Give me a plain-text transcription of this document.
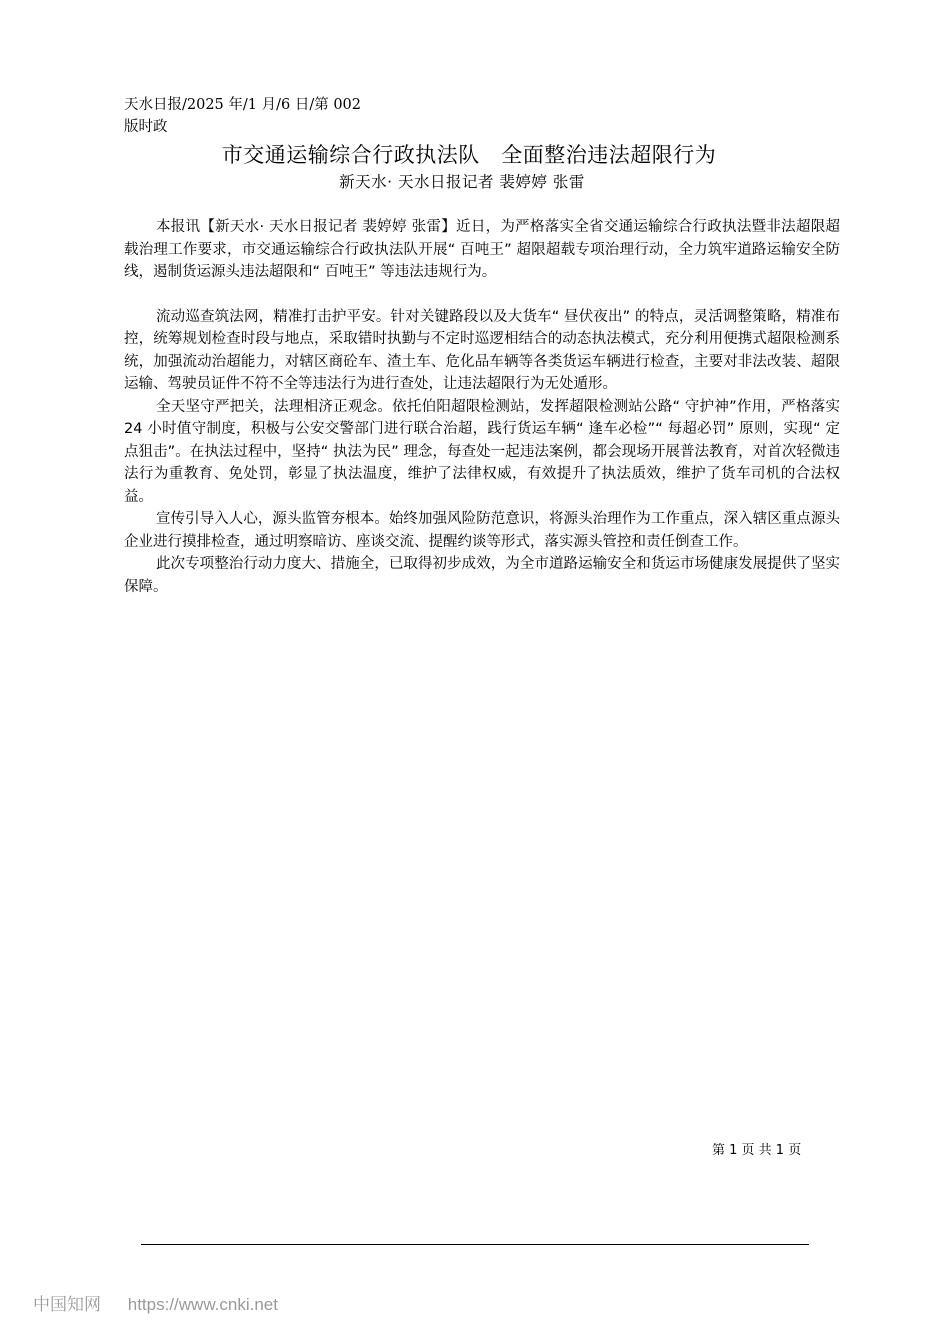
天水日报/2025 年/1 月/6 日/第 002
版时政
市交通运输综合行政执法队　全面整治违法超限行为
新天水· 天水日报记者 裴婷婷 张雷

本报讯【新天水· 天水日报记者 裴婷婷 张雷】近日，为严格落实全省交通运输综合行政执法暨非法超限超载治理工作要求，市交通运输综合行政执法队开展“ 百吨王” 超限超载专项治理行动，全力筑牢道路运输安全防线，遏制货运源头违法超限和“ 百吨王” 等违法违规行为。

流动巡查筑法网，精准打击护平安。针对关键路段以及大货车“ 昼伏夜出” 的特点，灵活调整策略，精准布控，统筹规划检查时段与地点，采取错时执勤与不定时巡逻相结合的动态执法模式，充分利用便携式超限检测系统，加强流动治超能力，对辖区商砼车、渣土车、危化品车辆等各类货运车辆进行检查，主要对非法改装、超限运输、驾驶员证件不符不全等违法行为进行查处，让违法超限行为无处遁形。

全天坚守严把关，法理相济正观念。依托伯阳超限检测站，发挥超限检测站公路“ 守护神”作用，严格落实 24 小时值守制度，积极与公安交警部门进行联合治超，践行货运车辆“ 逢车必检”“ 每超必罚” 原则，实现“ 定点狙击”。在执法过程中，坚持“ 执法为民” 理念，每查处一起违法案例，都会现场开展普法教育，对首次轻微违法行为重教育、免处罚，彰显了执法温度，维护了法律权威，有效提升了执法质效，维护了货车司机的合法权益。

宣传引导入人心，源头监管夯根本。始终加强风险防范意识，将源头治理作为工作重点，深入辖区重点源头企业进行摸排检查，通过明察暗访、座谈交流、提醒约谈等形式，落实源头管控和责任倒查工作。

此次专项整治行动力度大、措施全，已取得初步成效，为全市道路运输安全和货运市场健康发展提供了坚实保障。

第 1 页 共 1 页
中国知网 https://www.cnki.net
